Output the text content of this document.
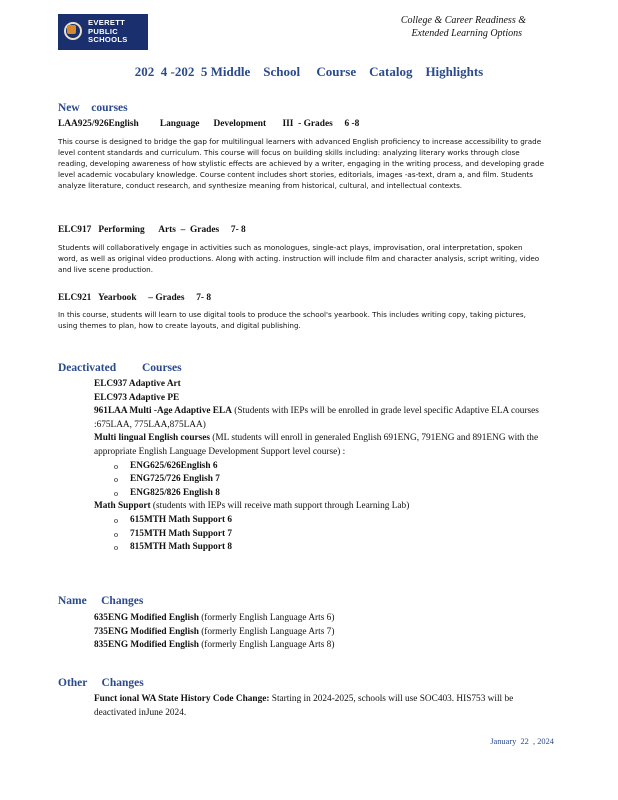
EVERETT
PUBLIC
SCHOOLS
College & Career Readiness &
Extended Learning Options
202  4 -202  5 Middle    School     Course    Catalog    Highlights
New    courses
LAA925/926English         Language      Development       III  - Grades     6 -8
This course is designed to bridge the gap for multilingual learners with advanced English proficiency to increase accessibility to grade level content standards and curriculum. This course will focus on building skills including: analyzing literary works through close reading, developing awareness of how stylistic effects are achieved by a writer, engaging in the writing process, and developing grade level academic vocabulary knowledge. Course content includes short stories, editorials, images -as-text, dram a, and film. Students analyze literature, conduct research, and synthesize meaning from historical, cultural, and intellectual contexts.
ELC917   Performing      Arts  –  Grades     7- 8
Students will collaboratively engage in activities such as monologues, single-act plays, improvisation, oral interpretation, spoken word, as well as original video productions. Along with acting. instruction will include film and character analysis, script writing, video and live scene production.
ELC921   Yearbook     – Grades     7- 8
In this course, students will learn to use digital tools to produce the school's yearbook. This includes writing copy, taking pictures, using themes to plan, how to create layouts, and digital publishing.
Deactivated         Courses
ELC937 Adaptive Art
ELC973 Adaptive PE
961LAA Multi -Age Adaptive ELA (Students with IEPs will be enrolled in grade level specific Adaptive ELA courses :675LAA, 775LAA,875LAA)
Multi lingual English courses (ML students will enroll in generaled English 691ENG, 791ENG and 891ENG with the appropriate English Language Development Support level course) :
o ENG625/626English 6
o ENG725/726 English 7
o ENG825/826 English 8
Math Support (students with IEPs will receive math support through Learning Lab)
o 615MTH Math Support 6
o 715MTH Math Support 7
o 815MTH Math Support 8
Name     Changes
635ENG Modified English (formerly English Language Arts 6)
735ENG Modified English (formerly English Language Arts 7)
835ENG Modified English (formerly English Language Arts 8)
Other     Changes
Funct ional WA State History Code Change: Starting in 2024-2025, schools will use SOC403. HIS753 will be deactivated inJune 2024.
January  22  , 2024
